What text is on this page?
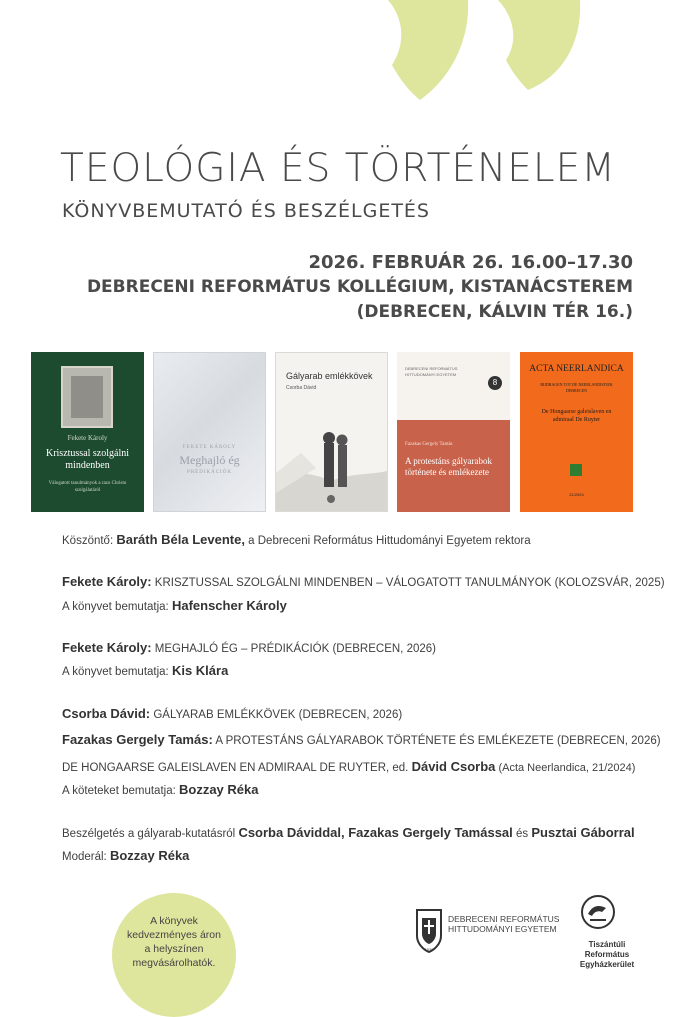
TEOLÓGIA ÉS TÖRTÉNELEM
KÖNYVBEMUTATÓ ÉS BESZÉLGETÉS
2026. FEBRUÁR 26. 16.00–17.30
DEBRECENI REFORMÁTUS KOLLÉGIUM, KISTANÁCSTEREM
(DEBRECEN, KÁLVIN TÉR 16.)
Fekete Károly
Krisztussal szolgálni mindenben
Válogatott tanulmányok a razo Christo szolgálatáról
FEKETE KÁROLY
Meghajló ég
PRÉDIKÁCIÓK
Gályarab emlékkövek
Csorba Dávid
DEBRECENI REFORMÁTUS HITTUDOMÁNYI EGYETEM
8
Fazakas Gergely Tamás
A protestáns gályarabok története és emlékezete
ACTA NEERLANDICA
BIJDRAGEN TOT DE NEERLANDISTIEK DEBRECEN
De Hongaarse galeislaven en admiraal De Ruyter
21/2024
Köszöntő: Baráth Béla Levente, a Debreceni Református Hittudományi Egyetem rektora
Fekete Károly: KRISZTUSSAL SZOLGÁLNI MINDENBEN – VÁLOGATOTT TANULMÁNYOK (KOLOZSVÁR, 2025)
A könyvet bemutatja: Hafenscher Károly
Fekete Károly: MEGHAJLÓ ÉG – PRÉDIKÁCIÓK (DEBRECEN, 2026)
A könyvet bemutatja: Kis Klára
Csorba Dávid: GÁLYARAB EMLÉKKÖVEK (DEBRECEN, 2026)
Fazakas Gergely Tamás: A PROTESTÁNS GÁLYARABOK TÖRTÉNETE ÉS EMLÉKEZETE (DEBRECEN, 2026)
DE HONGAARSE GALEISLAVEN EN ADMIRAAL DE RUYTER, ed. Dávid Csorba (Acta Neerlandica, 21/2024)
A köteteket bemutatja: Bozzay Réka
Beszélgetés a gályarab-kutatásról Csorba Dáviddal, Fazakas Gergely Tamással és Pusztai Gáborral
Moderál: Bozzay Réka
A könyvek
kedvezményes áron
a helyszínen
megvásárolhatók.
1538
DEBRECENI REFORMÁTUS
HITTUDOMÁNYI EGYETEM
Tiszántúli Református
Egyházkerület
